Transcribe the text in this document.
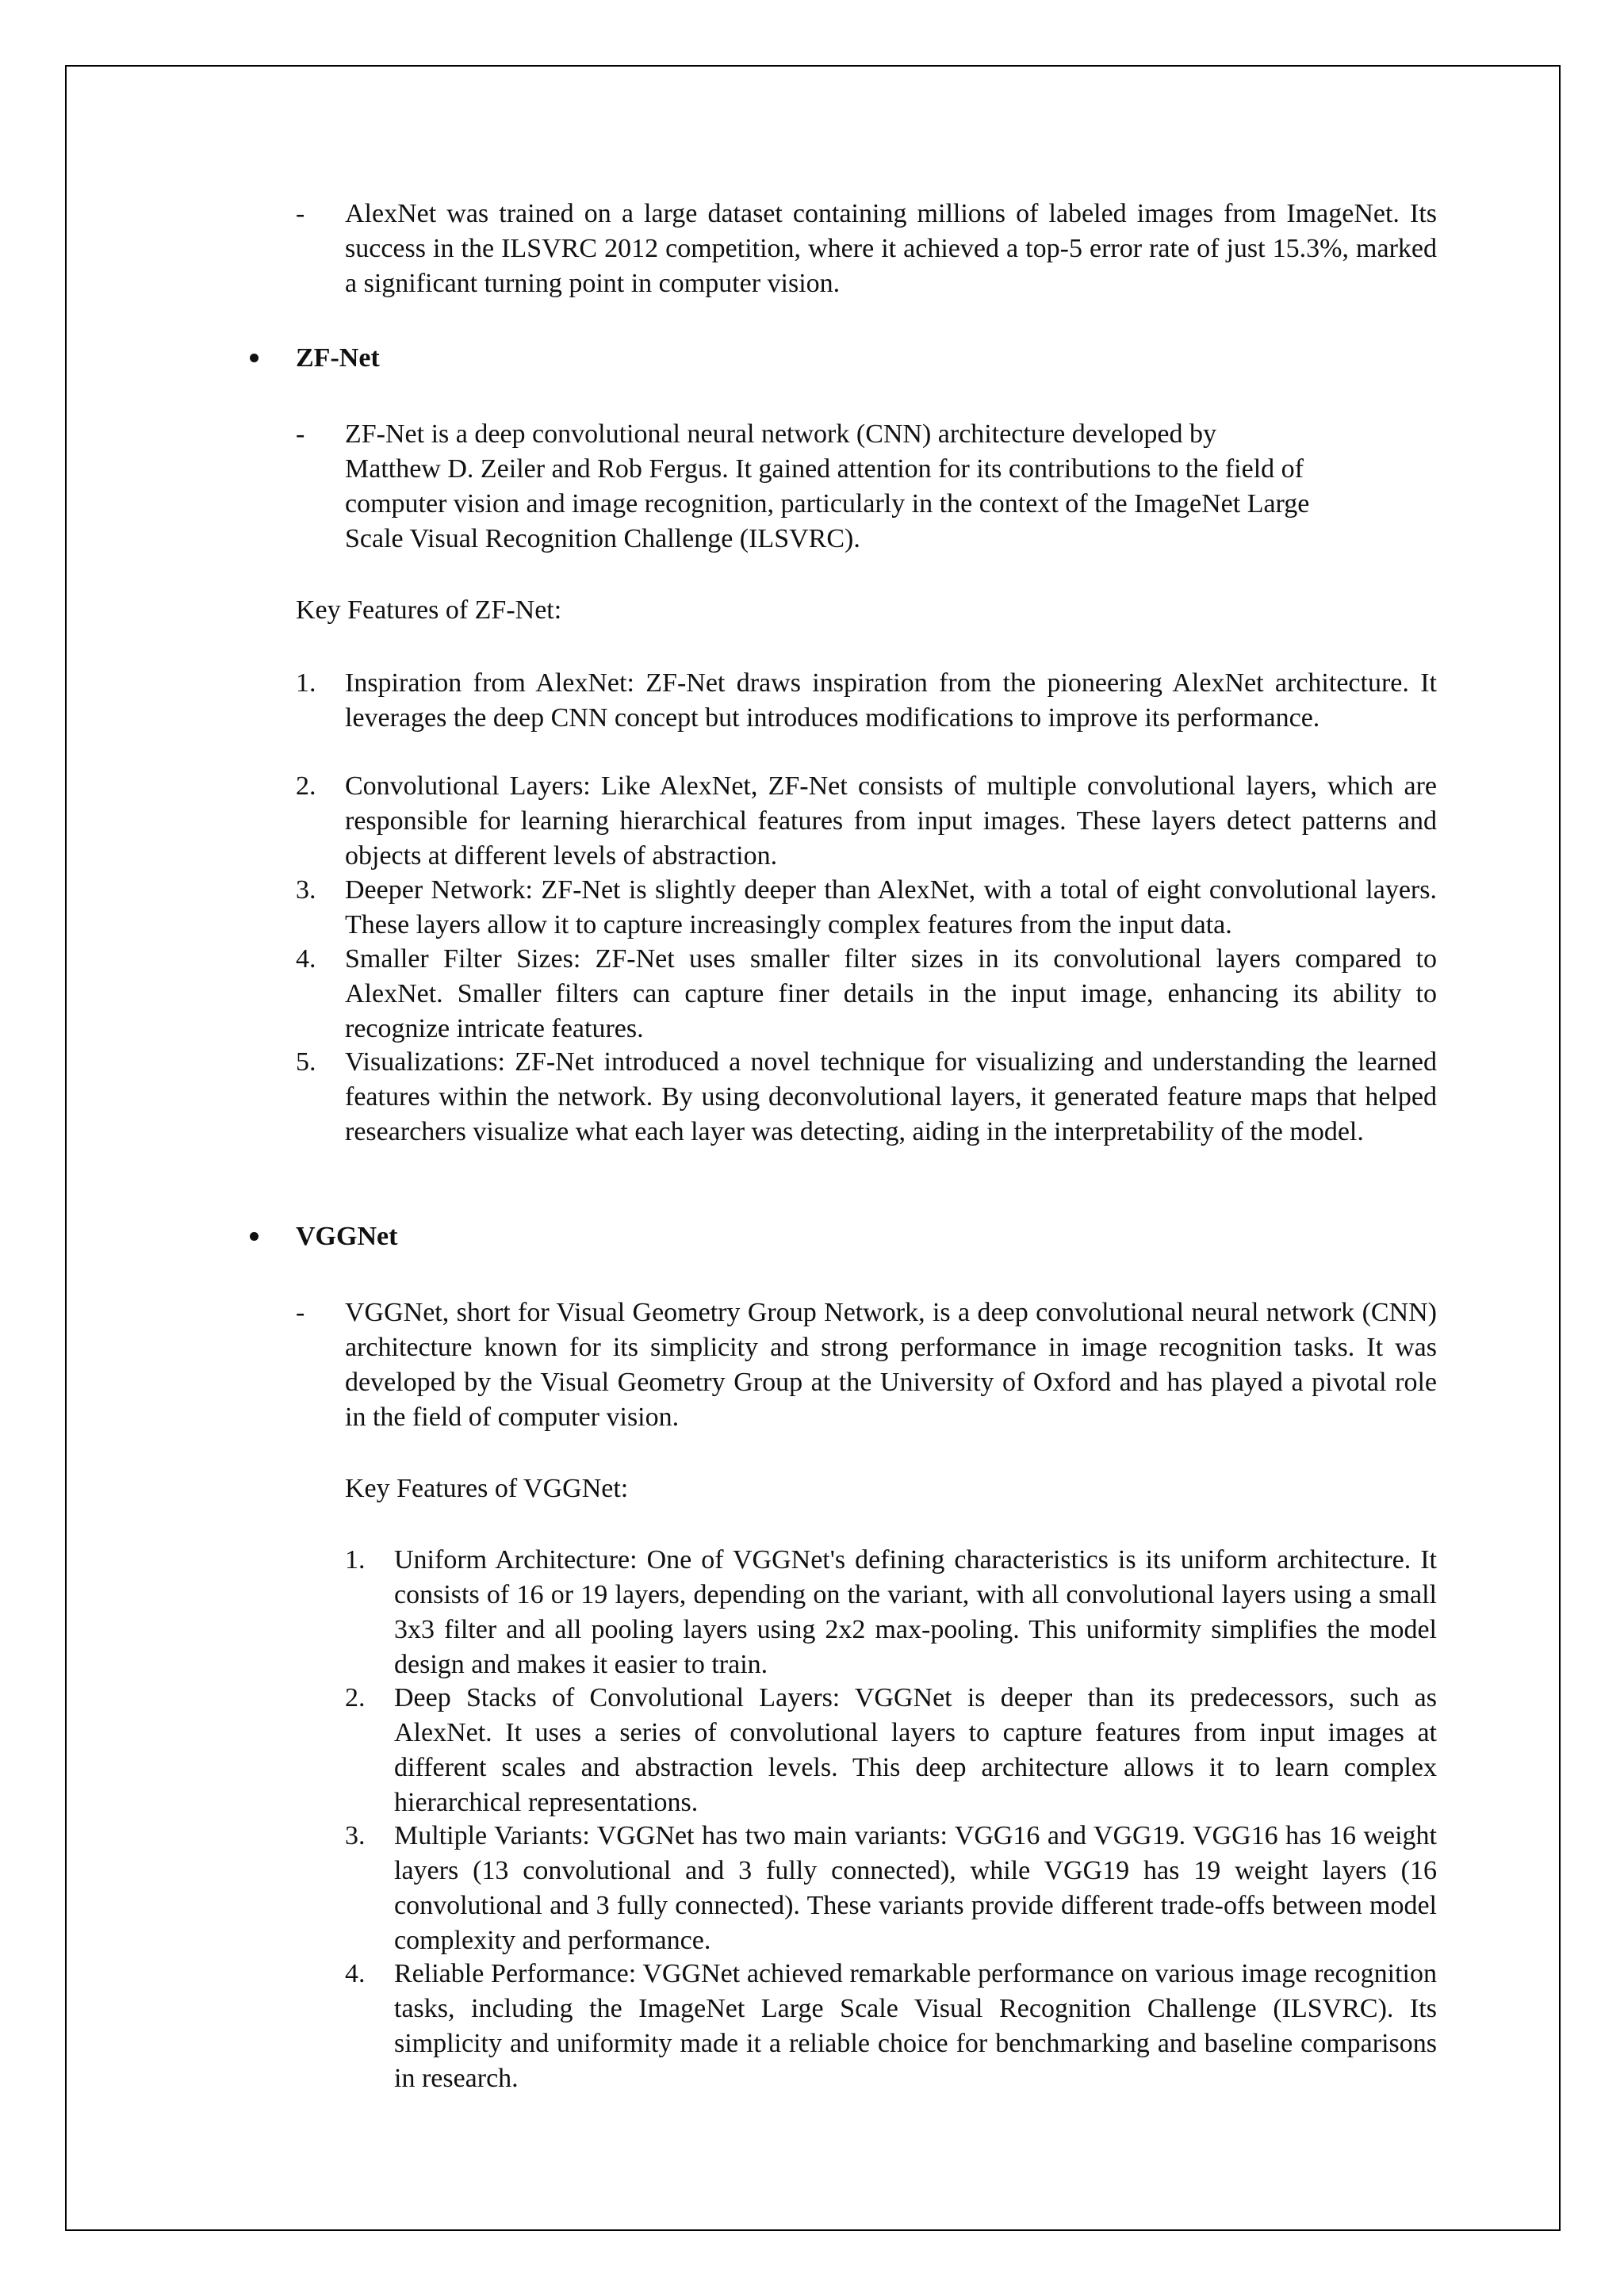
- AlexNet was trained on a large dataset containing millions of labeled images from ImageNet. Its success in the ILSVRC 2012 competition, where it achieved a top-5 error rate of just 15.3%, marked a significant turning point in computer vision.

ZF-Net
- ZF-Net is a deep convolutional neural network (CNN) architecture developed by

Matthew D. Zeiler and Rob Fergus. It gained attention for its contributions to the field of

computer vision and image recognition, particularly in the context of the ImageNet Large

Scale Visual Recognition Challenge (ILSVRC).

Key Features of ZF-Net:

1. Inspiration from AlexNet: ZF-Net draws inspiration from the pioneering AlexNet architecture. It leverages the deep CNN concept but introduces modifications to improve its performance.

2. Convolutional Layers: Like AlexNet, ZF-Net consists of multiple convolutional layers, which are responsible for learning hierarchical features from input images. These layers detect patterns and objects at different levels of abstraction.

3. Deeper Network: ZF-Net is slightly deeper than AlexNet, with a total of eight convolutional layers. These layers allow it to capture increasingly complex features from the input data.

4. Smaller Filter Sizes: ZF-Net uses smaller filter sizes in its convolutional layers compared to AlexNet. Smaller filters can capture finer details in the input image, enhancing its ability to recognize intricate features.

5. Visualizations: ZF-Net introduced a novel technique for visualizing and understanding the learned features within the network. By using deconvolutional layers, it generated feature maps that helped researchers visualize what each layer was detecting, aiding in the interpretability of the model.

VGGNet
- VGGNet, short for Visual Geometry Group Network, is a deep convolutional neural network (CNN) architecture known for its simplicity and strong performance in image recognition tasks. It was developed by the Visual Geometry Group at the University of Oxford and has played a pivotal role in the field of computer vision.

Key Features of VGGNet:

1. Uniform Architecture: One of VGGNet's defining characteristics is its uniform architecture. It consists of 16 or 19 layers, depending on the variant, with all convolutional layers using a small 3x3 filter and all pooling layers using 2x2 max-pooling. This uniformity simplifies the model design and makes it easier to train.

2. Deep Stacks of Convolutional Layers: VGGNet is deeper than its predecessors, such as AlexNet. It uses a series of convolutional layers to capture features from input images at different scales and abstraction levels. This deep architecture allows it to learn complex hierarchical representations.

3. Multiple Variants: VGGNet has two main variants: VGG16 and VGG19. VGG16 has 16 weight layers (13 convolutional and 3 fully connected), while VGG19 has 19 weight layers (16 convolutional and 3 fully connected). These variants provide different trade-offs between model complexity and performance.

4. Reliable Performance: VGGNet achieved remarkable performance on various image recognition tasks, including the ImageNet Large Scale Visual Recognition Challenge (ILSVRC). Its simplicity and uniformity made it a reliable choice for benchmarking and baseline comparisons in research.
